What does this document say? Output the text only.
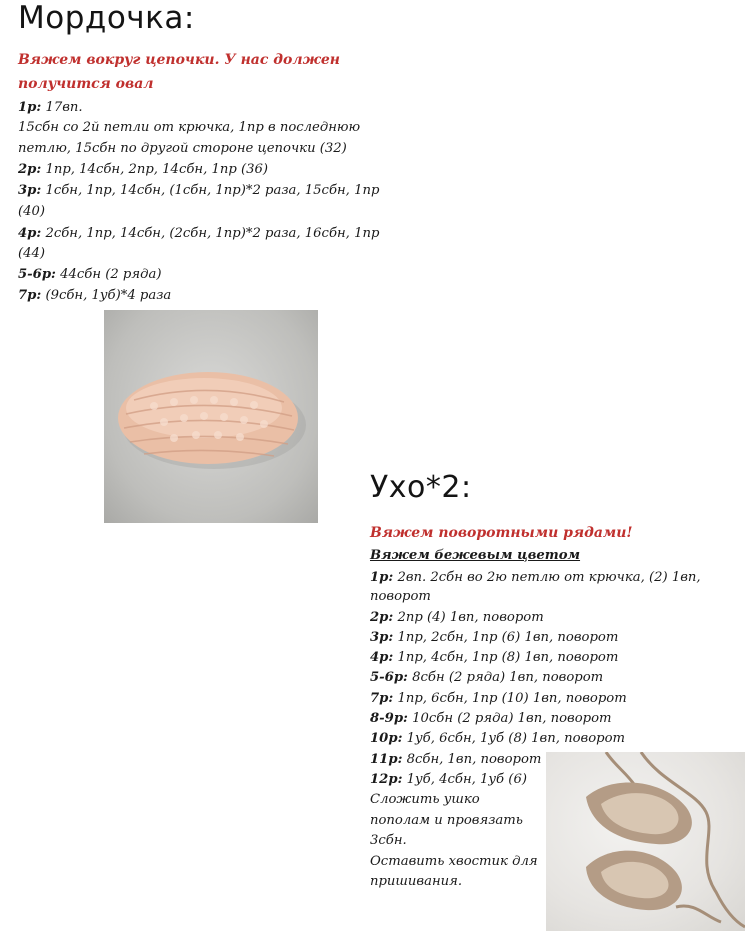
Мордочка:

Вяжем вокруг цепочки. У нас должен

получится овал

1р: 17вп.

15сбн со 2й петли от крючка, 1пр в последнюю

петлю, 15сбн по другой стороне цепочки (32)

2р: 1пр, 14сбн, 2пр, 14сбн, 1пр (36)

3р: 1сбн, 1пр, 14сбн, (1сбн, 1пр)*2 раза, 15сбн, 1пр

(40)

4р: 2сбн, 1пр, 14сбн, (2сбн, 1пр)*2 раза, 16сбн, 1пр

(44)

5-6р: 44сбн (2 ряда)

7р: (9сбн, 1уб)*4 раза

Ухо*2:

Вяжем поворотными рядами!

Вяжем бежевым цветом

1р: 2вп. 2сбн во 2ю петлю от крючка, (2) 1вп,

поворот

2р: 2пр (4) 1вп, поворот

3р: 1пр, 2сбн, 1пр (6) 1вп, поворот

4р: 1пр, 4сбн, 1пр (8) 1вп, поворот

5-6р: 8сбн (2 ряда) 1вп, поворот

7р: 1пр, 6сбн, 1пр (10) 1вп, поворот

8-9р: 10сбн (2 ряда) 1вп, поворот

10р: 1уб, 6сбн, 1уб (8) 1вп, поворот

11р: 8сбн, 1вп, поворот

12р: 1уб, 4сбн, 1уб (6)

Сложить ушко

пополам и провязать

3сбн.

Оставить хвостик для

пришивания.
